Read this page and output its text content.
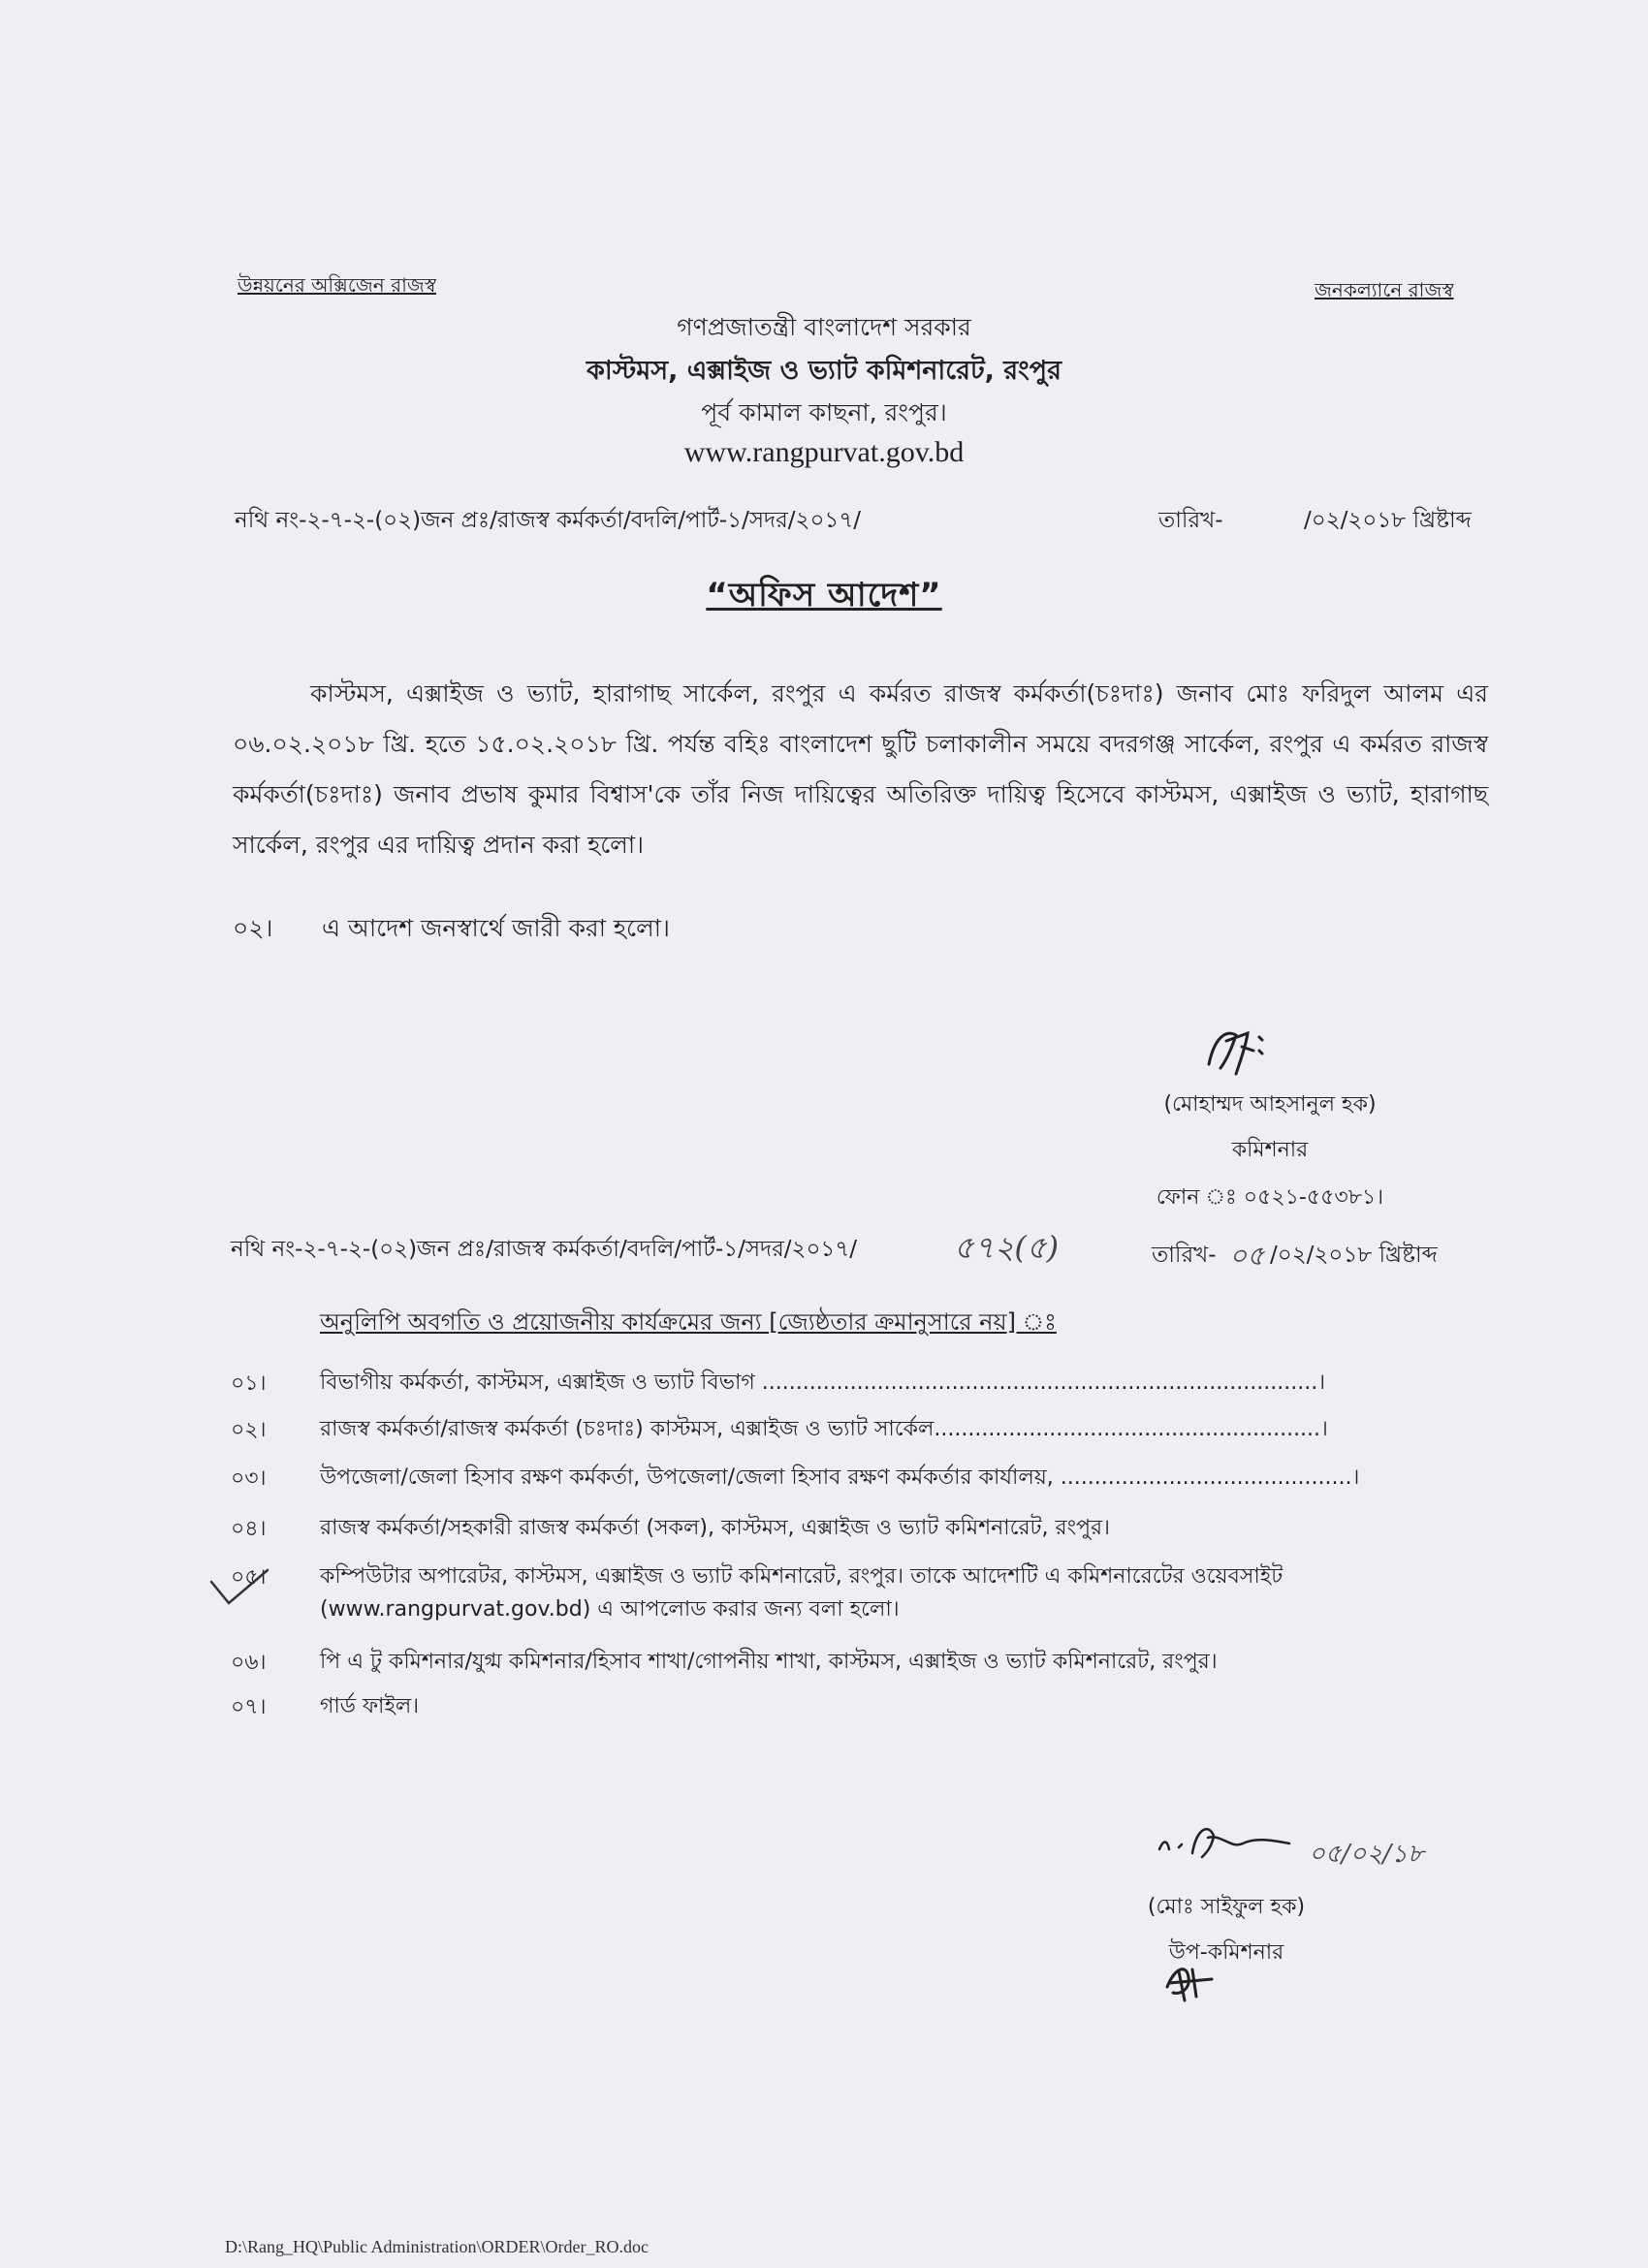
উন্নয়নের অক্সিজেন রাজস্ব	জনকল্যানে রাজস্ব
গণপ্রজাতন্ত্রী বাংলাদেশ সরকার
কাস্টমস, এক্সাইজ ও ভ্যাট কমিশনারেট, রংপুর
পূর্ব কামাল কাছনা, রংপুর।
www.rangpurvat.gov.bd
নথি নং-২-৭-২-(০২)জন প্রঃ/রাজস্ব কর্মকর্তা/বদলি/পার্ট-১/সদর/২০১৭/	তারিখ-	/০২/২০১৮ খ্রিষ্টাব্দ
“অফিস আদেশ”
কাস্টমস, এক্সাইজ ও ভ্যাট, হারাগাছ সার্কেল, রংপুর এ কর্মরত রাজস্ব কর্মকর্তা(চঃদাঃ) জনাব মোঃ ফরিদুল আলম এর ০৬.০২.২০১৮ খ্রি. হতে ১৫.০২.২০১৮ খ্রি. পর্যন্ত বহিঃ বাংলাদেশ ছুটি চলাকালীন সময়ে বদরগঞ্জ সার্কেল, রংপুর এ কর্মরত রাজস্ব কর্মকর্তা(চঃদাঃ) জনাব প্রভাষ কুমার বিশ্বাস'কে তাঁর নিজ দায়িত্বের অতিরিক্ত দায়িত্ব হিসেবে কাস্টমস, এক্সাইজ ও ভ্যাট, হারাগাছ সার্কেল, রংপুর এর দায়িত্ব প্রদান করা হলো।
০২। এ আদেশ জনস্বার্থে জারী করা হলো।
(মোহাম্মদ আহসানুল হক)
কমিশনার
ফোন ঃ ০৫২১-৫৫৩৮১।
নথি নং-২-৭-২-(০২)জন প্রঃ/রাজস্ব কর্মকর্তা/বদলি/পার্ট-১/সদর/২০১৭/	৫৭২(৫)	তারিখ- ০৫ /০২/২০১৮ খ্রিষ্টাব্দ
অনুলিপি অবগতি ও প্রয়োজনীয় কার্যক্রমের জন্য [জ্যেষ্ঠতার ক্রমানুসারে নয়] ঃ
০১।	বিভাগীয় কর্মকর্তা, কাস্টমস, এক্সাইজ ও ভ্যাট বিভাগ ..................................................................................।
০২।	রাজস্ব কর্মকর্তা/রাজস্ব কর্মকর্তা (চঃদাঃ) কাস্টমস, এক্সাইজ ও ভ্যাট সার্কেল.........................................................।
০৩।	উপজেলা/জেলা হিসাব রক্ষণ কর্মকর্তা, উপজেলা/জেলা হিসাব রক্ষণ কর্মকর্তার কার্যালয়, ...........................................।
০৪।	রাজস্ব কর্মকর্তা/সহকারী রাজস্ব কর্মকর্তা (সকল), কাস্টমস, এক্সাইজ ও ভ্যাট কমিশনারেট, রংপুর।
০৫।	কম্পিউটার অপারেটর, কাস্টমস, এক্সাইজ ও ভ্যাট কমিশনারেট, রংপুর। তাকে আদেশটি এ কমিশনারেটের ওয়েবসাইট (www.rangpurvat.gov.bd) এ আপলোড করার জন্য বলা হলো।
০৬।	পি এ টু কমিশনার/যুগ্ম কমিশনার/হিসাব শাখা/গোপনীয় শাখা, কাস্টমস, এক্সাইজ ও ভ্যাট কমিশনারেট, রংপুর।
০৭।	গার্ড ফাইল।
০৫/০২/১৮
(মোঃ সাইফুল হক)
উপ-কমিশনার
D:\Rang_HQ\Public Administration\ORDER\Order_RO.doc
